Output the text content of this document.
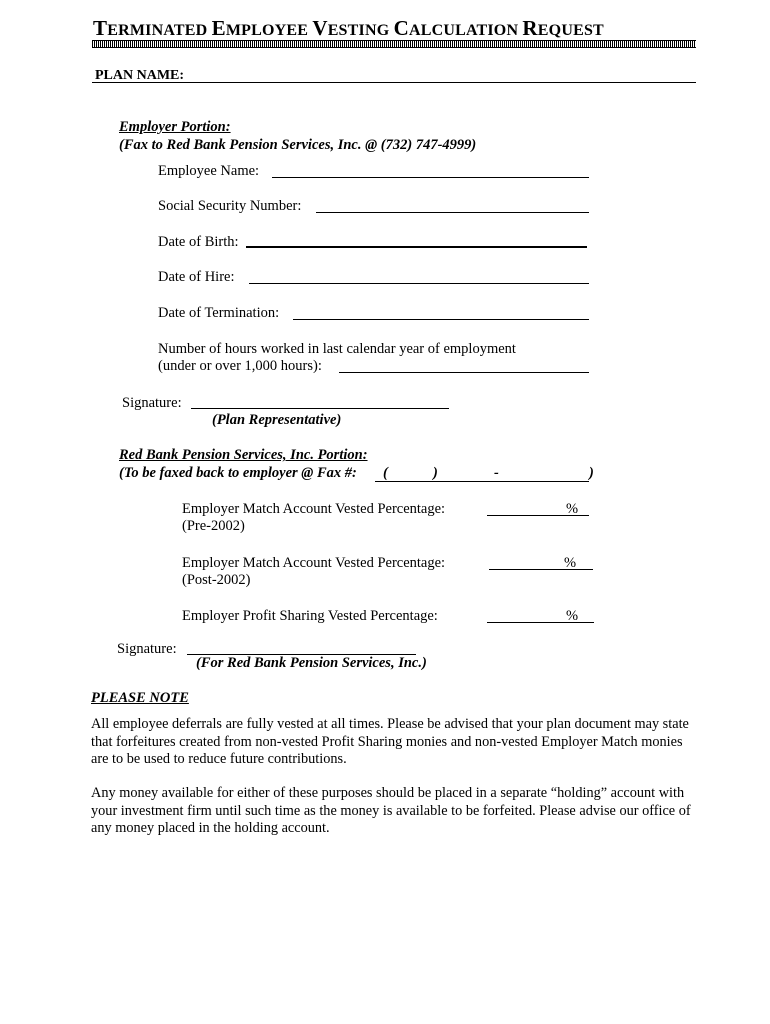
TERMINATED EMPLOYEE VESTING CALCULATION REQUEST
PLAN NAME:
Employer Portion:
(Fax to Red Bank Pension Services, Inc. @ (732) 747-4999)
Employee Name:
Social Security Number:
Date of Birth:
Date of Hire:
Date of Termination:
Number of hours worked in last calendar year of employment
(under or over 1,000 hours):
Signature:
(Plan Representative)
Red Bank Pension Services, Inc. Portion:
(To be faxed back to employer @ Fax #: (	)	-	)
Employer Match Account Vested Percentage:
(Pre-2002)
%
Employer Match Account Vested Percentage:
(Post-2002)
%
Employer Profit Sharing Vested Percentage:	%
Signature:
(For Red Bank Pension Services, Inc.)
PLEASE NOTE
All employee deferrals are fully vested at all times. Please be advised that your plan document may state that forfeitures created from non-vested Profit Sharing monies and non-vested Employer Match monies are to be used to reduce future contributions.
Any money available for either of these purposes should be placed in a separate “holding” account with your investment firm until such time as the money is available to be forfeited. Please advise our office of any money placed in the holding account.
